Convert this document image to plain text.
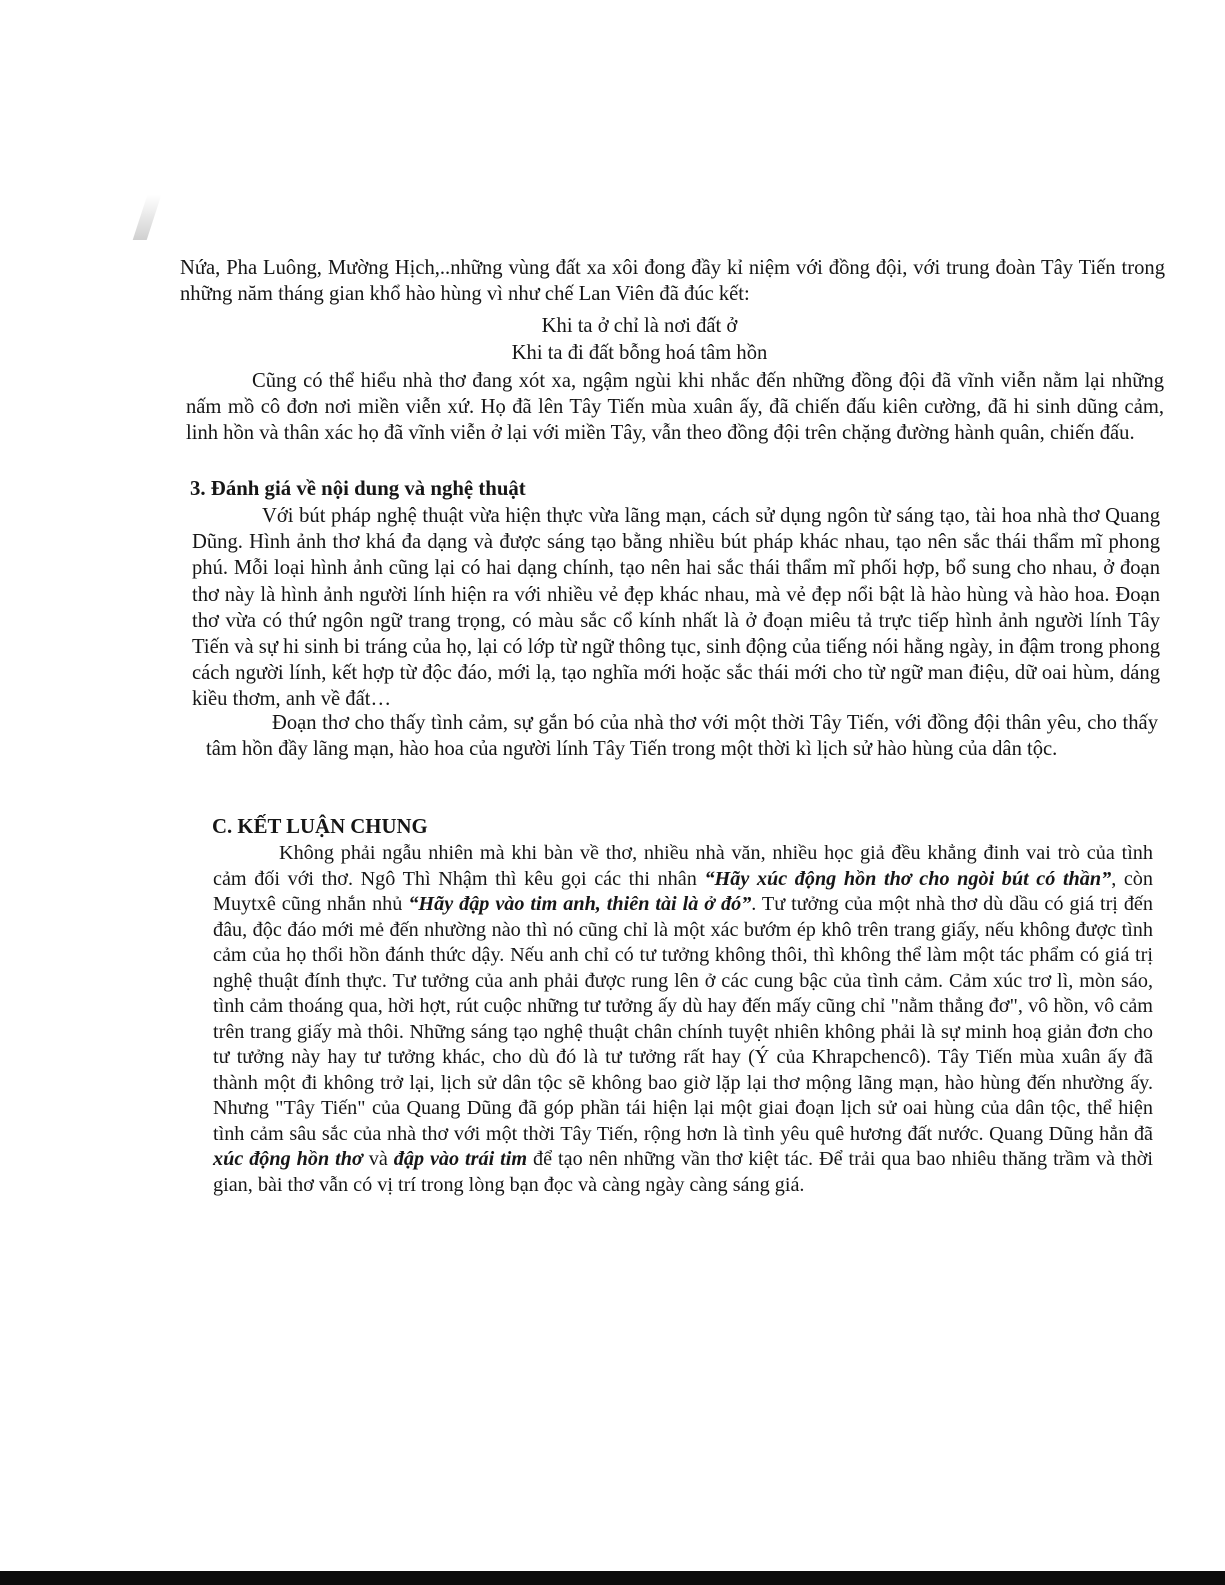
Nứa, Pha Luông, Mường Hịch,..những vùng đất xa xôi đong đầy kỉ niệm với đồng đội, với trung đoàn Tây Tiến trong những năm tháng gian khổ hào hùng vì như chế Lan Viên đã đúc kết:

Khi ta ở chỉ là nơi đất ở

Khi ta đi đất bỗng hoá tâm hồn

Cũng có thể hiểu nhà thơ đang xót xa, ngậm ngùi khi nhắc đến những đồng đội đã vĩnh viễn nằm lại những nấm mồ cô đơn nơi miền viễn xứ. Họ đã lên Tây Tiến mùa xuân ấy, đã chiến đấu kiên cường, đã hi sinh dũng cảm, linh hồn và thân xác họ đã vĩnh viễn ở lại với miền Tây, vẫn theo đồng đội trên chặng đường hành quân, chiến đấu.

3. Đánh giá về nội dung và nghệ thuật

Với bút pháp nghệ thuật vừa hiện thực vừa lãng mạn, cách sử dụng ngôn từ sáng tạo, tài hoa nhà thơ Quang Dũng. Hình ảnh thơ khá đa dạng và được sáng tạo bằng nhiều bút pháp khác nhau, tạo nên sắc thái thẩm mĩ phong phú. Mỗi loại hình ảnh cũng lại có hai dạng chính, tạo nên hai sắc thái thẩm mĩ phối hợp, bổ sung cho nhau, ở đoạn thơ này là hình ảnh người lính hiện ra với nhiều vẻ đẹp khác nhau, mà vẻ đẹp nổi bật là hào hùng và hào hoa. Đoạn thơ vừa có thứ ngôn ngữ trang trọng, có màu sắc cổ kính nhất là ở đoạn miêu tả trực tiếp hình ảnh người lính Tây Tiến và sự hi sinh bi tráng của họ, lại có lớp từ ngữ thông tục, sinh động của tiếng nói hằng ngày, in đậm trong phong cách người lính, kết hợp từ độc đáo, mới lạ, tạo nghĩa mới hoặc sắc thái mới cho từ ngữ man điệu, dữ oai hùm, dáng kiều thơm, anh về đất…

Đoạn thơ cho thấy tình cảm, sự gắn bó của nhà thơ với một thời Tây Tiến, với đồng đội thân yêu, cho thấy tâm hồn đầy lãng mạn, hào hoa của người lính Tây Tiến trong một thời kì lịch sử hào hùng của dân tộc.

C. KẾT LUẬN CHUNG

Không phải ngẫu nhiên mà khi bàn về thơ, nhiều nhà văn, nhiều học giả đều khẳng đinh vai trò của tình cảm đối với thơ. Ngô Thì Nhậm thì kêu gọi các thi nhân “Hãy xúc động hồn thơ cho ngòi bút có thần”, còn Muytxê cũng nhắn nhủ “Hãy đập vào tim anh, thiên tài là ở đó”. Tư tưởng của một nhà thơ dù dầu có giá trị đến đâu, độc đáo mới mẻ đến nhường nào thì nó cũng chỉ là một xác bướm ép khô trên trang giấy, nếu không được tình cảm của họ thổi hồn đánh thức dậy. Nếu anh chỉ có tư tưởng không thôi, thì không thể làm một tác phẩm có giá trị nghệ thuật đính thực. Tư tưởng của anh phải được rung lên ở các cung bậc của tình cảm. Cảm xúc trơ lì, mòn sáo, tình cảm thoáng qua, hời hợt, rút cuộc những tư tưởng ấy dù hay đến mấy cũng chỉ "nằm thẳng đơ", vô hồn, vô cảm trên trang giấy mà thôi. Những sáng tạo nghệ thuật chân chính tuyệt nhiên không phải là sự minh hoạ giản đơn cho tư tưởng này hay tư tưởng khác, cho dù đó là tư tưởng rất hay (Ý của Khrapchencô). Tây Tiến mùa xuân ấy đã thành một đi không trở lại, lịch sử dân tộc sẽ không bao giờ lặp lại thơ mộng lãng mạn, hào hùng đến nhường ấy. Nhưng "Tây Tiến" của Quang Dũng đã góp phần tái hiện lại một giai đoạn lịch sử oai hùng của dân tộc, thể hiện tình cảm sâu sắc của nhà thơ với một thời Tây Tiến, rộng hơn là tình yêu quê hương đất nước. Quang Dũng hẳn đã xúc động hồn thơ và đập vào trái tim để tạo nên những vần thơ kiệt tác. Để trải qua bao nhiêu thăng trầm và thời gian, bài thơ vẫn có vị trí trong lòng bạn đọc và càng ngày càng sáng giá.
